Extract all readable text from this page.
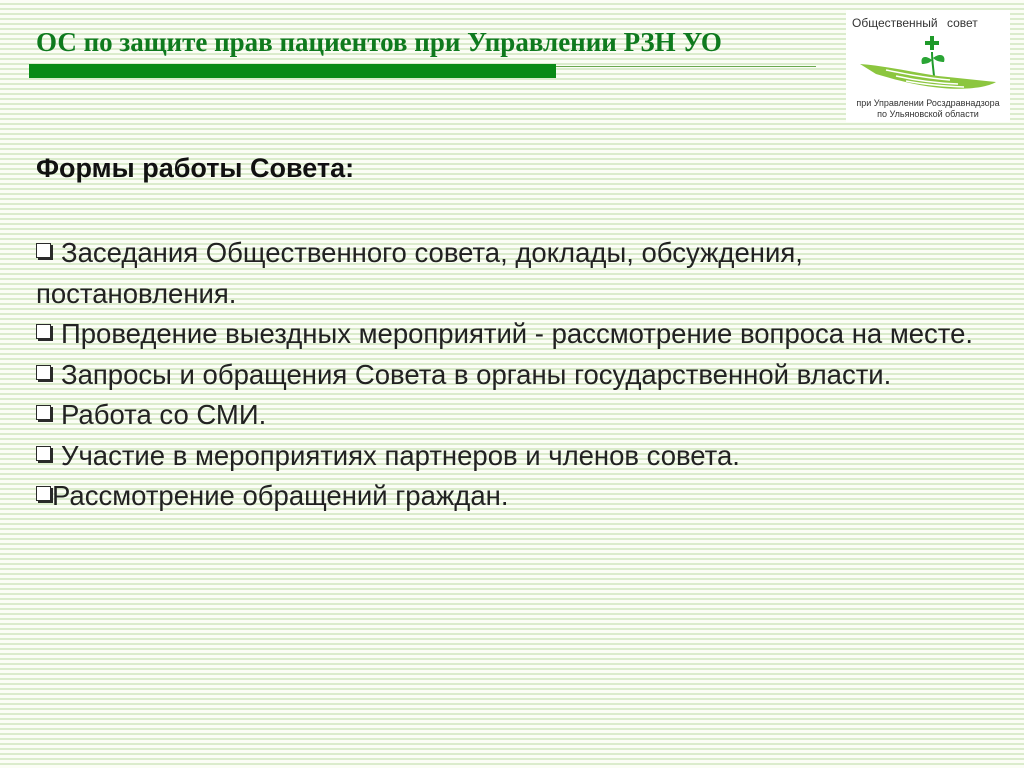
ОС по защите прав пациентов при Управлении РЗН УО
Общественный совет
при Управлении Росздравнадзора
по Ульяновской области
Формы работы Совета:
Заседания Общественного совета, доклады, обсуждения, постановления.
Проведение выездных мероприятий - рассмотрение вопроса на месте.
Запросы и обращения Совета в органы государственной власти.
Работа со СМИ.
Участие в мероприятиях партнеров и членов совета.
Рассмотрение обращений граждан.
